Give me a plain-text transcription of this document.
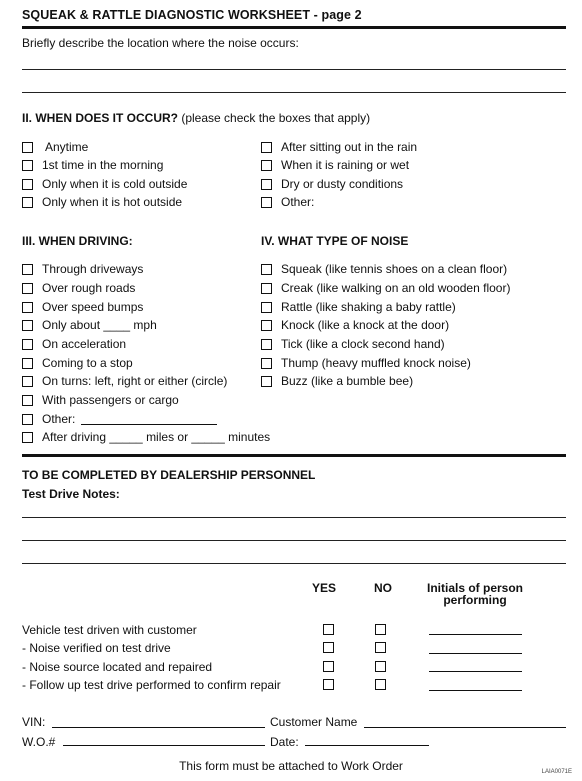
SQUEAK & RATTLE DIAGNOSTIC WORKSHEET - page 2
Briefly describe the location where the noise occurs:
II. WHEN DOES IT OCCUR? (please check the boxes that apply)
Anytime
1st time in the morning
Only when it is cold outside
Only when it is hot outside
After sitting out in the rain
When it is raining or wet
Dry or dusty conditions
Other:
III. WHEN DRIVING:	IV. WHAT TYPE OF NOISE
Through driveways
Over rough roads
Over speed bumps
Only about ____ mph
On acceleration
Coming to a stop
On turns: left, right or either (circle)
With passengers or cargo
Other:
After driving _____ miles or _____ minutes
Squeak (like tennis shoes on a clean floor)
Creak (like walking on an old wooden floor)
Rattle (like shaking a baby rattle)
Knock (like a knock at the door)
Tick (like a clock second hand)
Thump (heavy muffled knock noise)
Buzz (like a bumble bee)
TO BE COMPLETED BY DEALERSHIP PERSONNEL
Test Drive Notes:
YES	NO	Initials of person
performing
Vehicle test driven with customer
- Noise verified on test drive
- Noise source located and repaired
- Follow up test drive performed to confirm repair
VIN:	Customer Name
W.O.#	Date:
This form must be attached to Work Order	LAIA0071E
